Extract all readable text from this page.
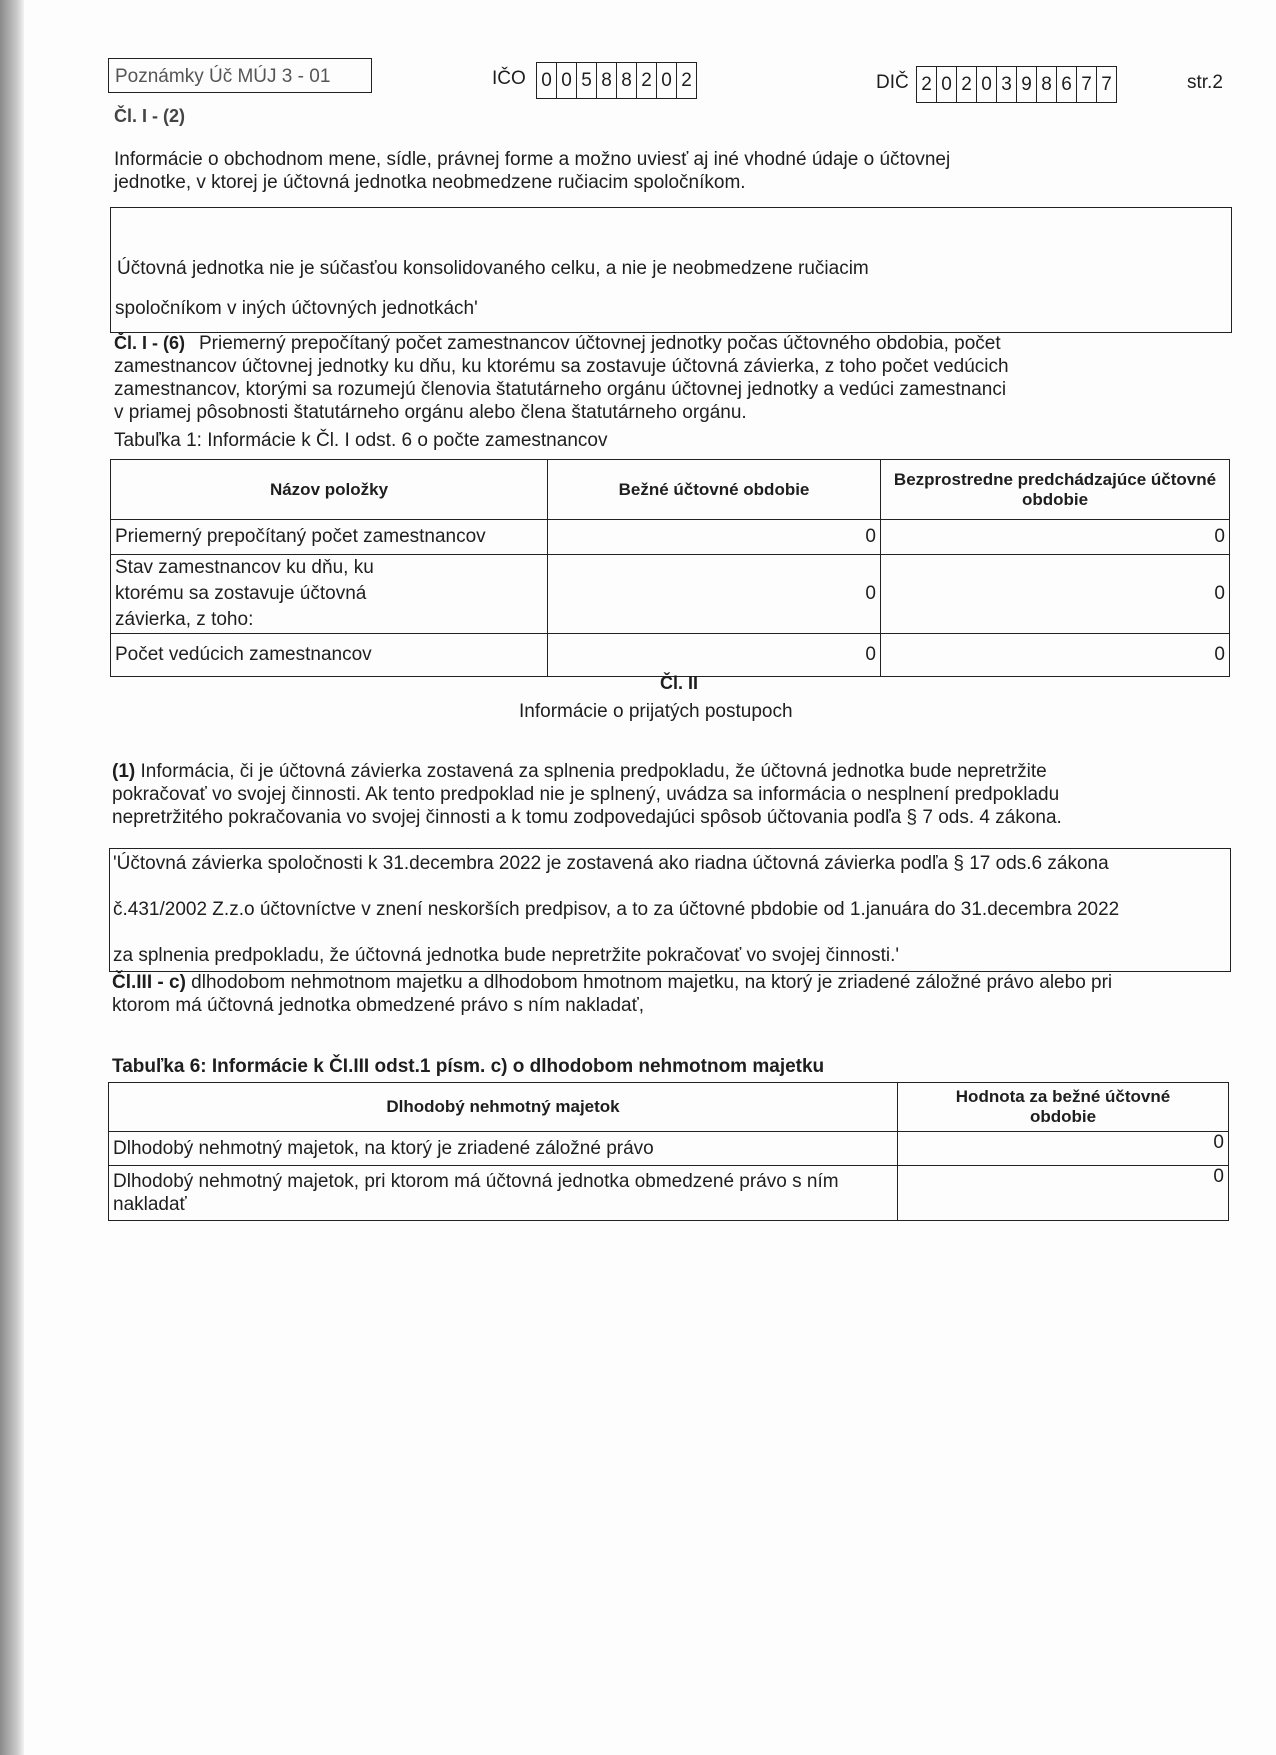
Poznámky Úč MÚJ 3 - 01	IČO 0 0 5 8 8 2 0 2	DIČ 2 0 2 0 3 9 8 6 7 7	str.2
Čl. I - (2)
Informácie o obchodnom mene, sídle, právnej forme a možno uviesť aj iné vhodné údaje o účtovnej
jednotke, v ktorej je účtovná jednotka neobmedzene ručiacim spoločníkom.
Účtovná jednotka nie je súčasťou konsolidovaného celku, a nie je neobmedzene ručiacim
spoločníkom v iných účtovných jednotkách'
Čl. I - (6) Priemerný prepočítaný počet zamestnancov účtovnej jednotky počas účtovného obdobia, počet
zamestnancov účtovnej jednotky ku dňu, ku ktorému sa zostavuje účtovná závierka, z toho počet vedúcich
zamestnancov, ktorými sa rozumejú členovia štatutárneho orgánu účtovnej jednotky a vedúci zamestnanci
v priamej pôsobnosti štatutárneho orgánu alebo člena štatutárneho orgánu.
Tabuľka 1: Informácie k Čl. I odst. 6 o počte zamestnancov
Názov položky	Bežné účtovné obdobie	Bezprostredne predchádzajúce účtovné obdobie
Priemerný prepočítaný počet zamestnancov	0	0
Stav zamestnancov ku dňu, ku ktorému sa zostavuje účtovná závierka, z toho:	0	0
Počet vedúcich zamestnancov	0	0
Čl. II
Informácie o prijatých postupoch
(1) Informácia, či je účtovná závierka zostavená za splnenia predpokladu, že účtovná jednotka bude nepretržite
pokračovať vo svojej činnosti. Ak tento predpoklad nie je splnený, uvádza sa informácia o nesplnení predpokladu
nepretržitého pokračovania vo svojej činnosti a k tomu zodpovedajúci spôsob účtovania podľa § 7 ods. 4 zákona.
'Účtovná závierka spoločnosti k 31.decembra 2022 je zostavená ako riadna účtovná závierka podľa § 17 ods.6 zákona
č.431/2002 Z.z.o účtovníctve v znení neskorších predpisov, a to za účtovné pbdobie od 1.januára do 31.decembra 2022
za splnenia predpokladu, že účtovná jednotka bude nepretržite pokračovať vo svojej činnosti.'
Čl.III - c) dlhodobom nehmotnom majetku a dlhodobom hmotnom majetku, na ktorý je zriadené záložné právo alebo pri
ktorom má účtovná jednotka obmedzené právo s ním nakladať,
Tabuľka 6: Informácie k ČI.III odst.1 písm. c) o dlhodobom nehmotnom majetku
Dlhodobý nehmotný majetok	Hodnota za bežné účtovné obdobie
Dlhodobý nehmotný majetok, na ktorý je zriadené záložné právo	0
Dlhodobý nehmotný majetok, pri ktorom má účtovná jednotka obmedzené právo s ním nakladať	0
